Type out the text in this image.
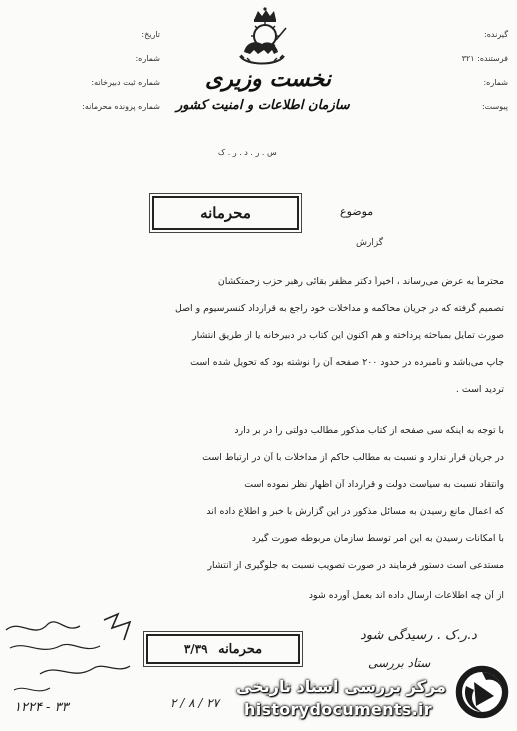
نخست وزیری
سازمان اطلاعات و امنیت کشور
س . ر . د . ر . ک
تاریخ:
شماره:
شماره ثبت دبیرخانه:
شماره پرونده محرمانه:
گیرنده:
فرستنده: ۳۲۱
شماره:
پیوست:
محرمانه	موضوع
گزارش
محترماً به عرض می‌رساند ، اخیراً دکتر مظفر بقائی رهبر حزب زحمتکشان
تصمیم گرفته که در جریان محاکمه و مداخلات خود راجع به قرارداد کنسرسیوم و اصل
صورت تمایل بمباحثه پرداخته و هم اکنون این کتاب در دبیرخانه یا از طریق انتشار
جاپ می‌باشد و نامبرده در حدود ۲۰۰ صفحه آن را نوشته بود که تحویل شده است
تردید است .
با توجه به اینکه سی صفحه از کتاب مذکور مطالب دولتی را در بر دارد
در جریان قرار ندارد و نسبت به مطالب حاکم از مداخلات با آن در ارتباط است
وانتقاد نسبت به سیاست دولت و قرارداد آن اظهار نظر نموده است
که اعمال مانع رسیدن به مسائل مذکور در این گزارش با خبر و اطلاع داده اند
با امکانات رسیدن به این امر توسط سازمان مربوطه صورت گیرد
مستدعی است دستور فرمایند در صورت تصویب نسبت به جلوگیری از انتشار
از آن چه اطلاعات ارسال داده اند بعمل آورده شود
محرمانه ۳/۳۹
د.ر.ک . رسیدگی شود
۱۲۲۴ - ۳۳	۲ / ۸ / ۲۷
ستاد بررسی
مرکز بررسی اسناد تاریخی
historydocuments.ir
